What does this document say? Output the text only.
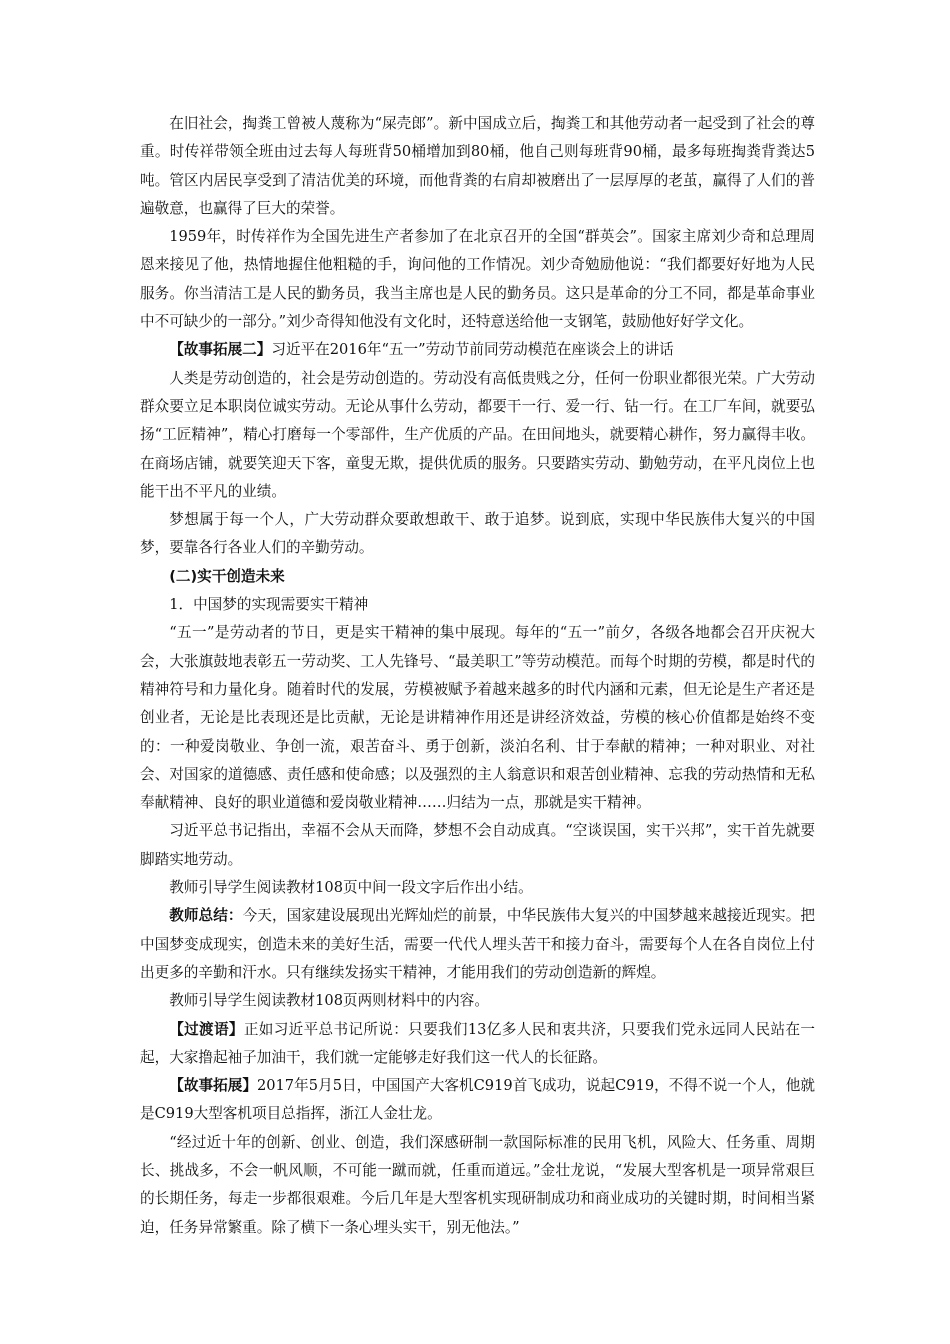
在旧社会，掏粪工曾被人蔑称为“屎壳郎”。新中国成立后，掏粪工和其他劳动者一起受到了社会的尊重。时传祥带领全班由过去每人每班背50桶增加到80桶，他自己则每班背90桶，最多每班掏粪背粪达5吨。管区内居民享受到了清洁优美的环境，而他背粪的右肩却被磨出了一层厚厚的老茧，赢得了人们的普遍敬意，也赢得了巨大的荣誉。

1959年，时传祥作为全国先进生产者参加了在北京召开的全国“群英会”。国家主席刘少奇和总理周恩来接见了他，热情地握住他粗糙的手，询问他的工作情况。刘少奇勉励他说：“我们都要好好地为人民服务。你当清洁工是人民的勤务员，我当主席也是人民的勤务员。这只是革命的分工不同，都是革命事业中不可缺少的一部分。”刘少奇得知他没有文化时，还特意送给他一支钢笔，鼓励他好好学文化。

【故事拓展二】习近平在2016年“五一”劳动节前同劳动模范在座谈会上的讲话

人类是劳动创造的，社会是劳动创造的。劳动没有高低贵贱之分，任何一份职业都很光荣。广大劳动群众要立足本职岗位诚实劳动。无论从事什么劳动，都要干一行、爱一行、钻一行。在工厂车间，就要弘扬“工匠精神”，精心打磨每一个零部件，生产优质的产品。在田间地头，就要精心耕作，努力赢得丰收。在商场店铺，就要笑迎天下客，童叟无欺，提供优质的服务。只要踏实劳动、勤勉劳动，在平凡岗位上也能干出不平凡的业绩。

梦想属于每一个人，广大劳动群众要敢想敢干、敢于追梦。说到底，实现中华民族伟大复兴的中国梦，要靠各行各业人们的辛勤劳动。

(二)实干创造未来

1．中国梦的实现需要实干精神

“五一”是劳动者的节日，更是实干精神的集中展现。每年的“五一”前夕，各级各地都会召开庆祝大会，大张旗鼓地表彰五一劳动奖、工人先锋号、“最美职工”等劳动模范。而每个时期的劳模，都是时代的精神符号和力量化身。随着时代的发展，劳模被赋予着越来越多的时代内涵和元素，但无论是生产者还是创业者，无论是比表现还是比贡献，无论是讲精神作用还是讲经济效益，劳模的核心价值都是始终不变的：一种爱岗敬业、争创一流，艰苦奋斗、勇于创新，淡泊名利、甘于奉献的精神；一种对职业、对社会、对国家的道德感、责任感和使命感；以及强烈的主人翁意识和艰苦创业精神、忘我的劳动热情和无私奉献精神、良好的职业道德和爱岗敬业精神……归结为一点，那就是实干精神。

习近平总书记指出，幸福不会从天而降，梦想不会自动成真。“空谈误国，实干兴邦”，实干首先就要脚踏实地劳动。

教师引导学生阅读教材108页中间一段文字后作出小结。

教师总结：今天，国家建设展现出光辉灿烂的前景，中华民族伟大复兴的中国梦越来越接近现实。把中国梦变成现实，创造未来的美好生活，需要一代代人埋头苦干和接力奋斗，需要每个人在各自岗位上付出更多的辛勤和汗水。只有继续发扬实干精神，才能用我们的劳动创造新的辉煌。

教师引导学生阅读教材108页两则材料中的内容。

【过渡语】正如习近平总书记所说：只要我们13亿多人民和衷共济，只要我们党永远同人民站在一起，大家撸起袖子加油干，我们就一定能够走好我们这一代人的长征路。

【故事拓展】2017年5月5日，中国国产大客机C919首飞成功，说起C919，不得不说一个人，他就是C919大型客机项目总指挥，浙江人金壮龙。

“经过近十年的创新、创业、创造，我们深感研制一款国际标准的民用飞机，风险大、任务重、周期长、挑战多，不会一帆风顺，不可能一蹴而就，任重而道远。”金壮龙说，“发展大型客机是一项异常艰巨的长期任务，每走一步都很艰难。今后几年是大型客机实现研制成功和商业成功的关键时期，时间相当紧迫，任务异常繁重。除了横下一条心埋头实干，别无他法。”
